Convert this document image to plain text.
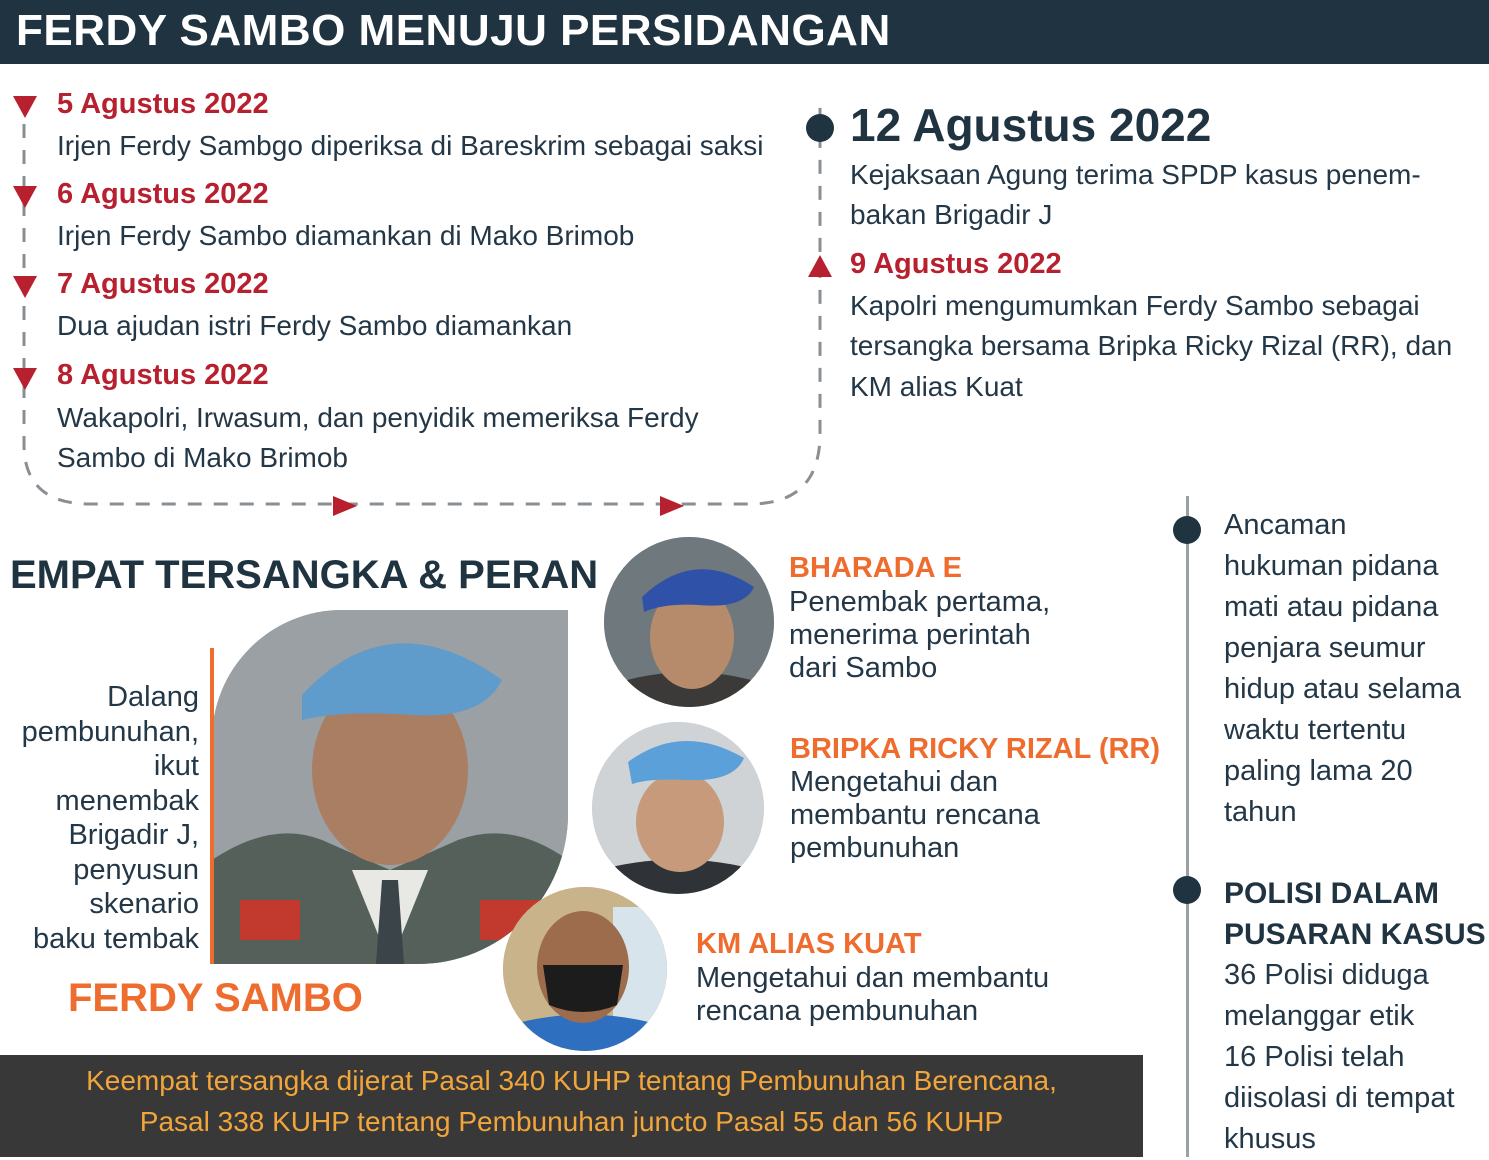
FERDY SAMBO MENUJU PERSIDANGAN
5 Agustus 2022
Irjen Ferdy Sambgo diperiksa di Bareskrim sebagai saksi
6 Agustus 2022
Irjen Ferdy Sambo diamankan di Mako Brimob
7 Agustus 2022
Dua ajudan istri Ferdy Sambo diamankan
8 Agustus 2022
Wakapolri, Irwasum, dan penyidik memeriksa Ferdy
Sambo di Mako Brimob
12 Agustus 2022
Kejaksaan Agung terima SPDP kasus penem-
bakan Brigadir J
9 Agustus 2022
Kapolri mengumumkan Ferdy Sambo sebagai
tersangka bersama Bripka Ricky Rizal (RR), dan
KM alias Kuat
EMPAT TERSANGKA & PERAN
Dalang
pembunuhan,
ikut
menembak
Brigadir J,
penyusun
skenario
baku tembak
FERDY SAMBO
BHARADA E
Penembak pertama,
menerima perintah
dari Sambo
BRIPKA RICKY RIZAL (RR)
Mengetahui dan
membantu rencana
pembunuhan
KM ALIAS KUAT
Mengetahui dan membantu
rencana pembunuhan
Ancaman
hukuman pidana
mati atau pidana
penjara seumur
hidup atau selama
waktu tertentu
paling lama 20
tahun
POLISI DALAM
PUSARAN KASUS
36 Polisi diduga
melanggar etik
16 Polisi telah
diisolasi di tempat
khusus
Keempat tersangka dijerat Pasal 340 KUHP tentang Pembunuhan Berencana,
Pasal 338 KUHP tentang Pembunuhan juncto Pasal 55 dan 56 KUHP
